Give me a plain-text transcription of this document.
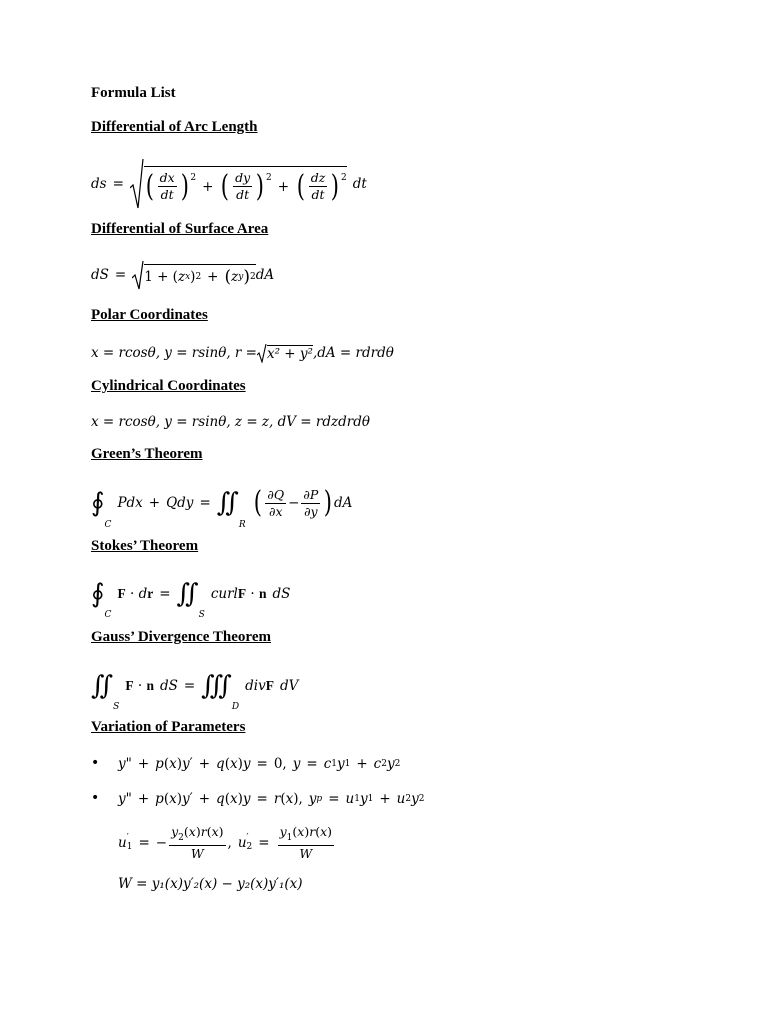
Formula List

Differential of Arc Length

ds = ( $\frac{dx}{dt}$ ) 2
+ ( $\frac{dy}{dt}$ ) 2
+ ( $\frac{dz}{dt}$ ) 2 dt

Differential of Surface Area

dS = 1 + ( z x ) 2 + ( z y ) 2 dA

Polar Coordinates

x = rcosθ, y = rsinθ, r = x² + y² ,dA = rdrdθ

Cylindrical Coordinates

x = rcosθ, y = rsinθ, z = z, dV = rdzdrdθ

Green’s Theorem

∮
C
Pdx + Qdy = ∬
R
( $\frac{\partial Q}{\partial x} - \frac{\partial P}{\partial y}$ ) dA

Stokes’ Theorem

∮
C
F · d r = ∬
S
curl F · n dS

Gauss’ Divergence Theorem

∬
S
F · n dS = ∭
D
div F dV

Variation of Parameters

• y " + p ( x ) y ′ + q ( x ) y = 0, y = c 1 y 1 + c 2 y 2
• y " + p ( x ) y ′ + q ( x ) y = r ( x ), y p = u 1 y 1 + u 2 y 2
u ′
1 = − $\frac{y_2(x)r(x)}{W}$ , u ′
$2 = \frac{y_1(x)r(x)}{W}$
W = y₁(x)y′₂(x) − y₂(x)y′₁(x)
